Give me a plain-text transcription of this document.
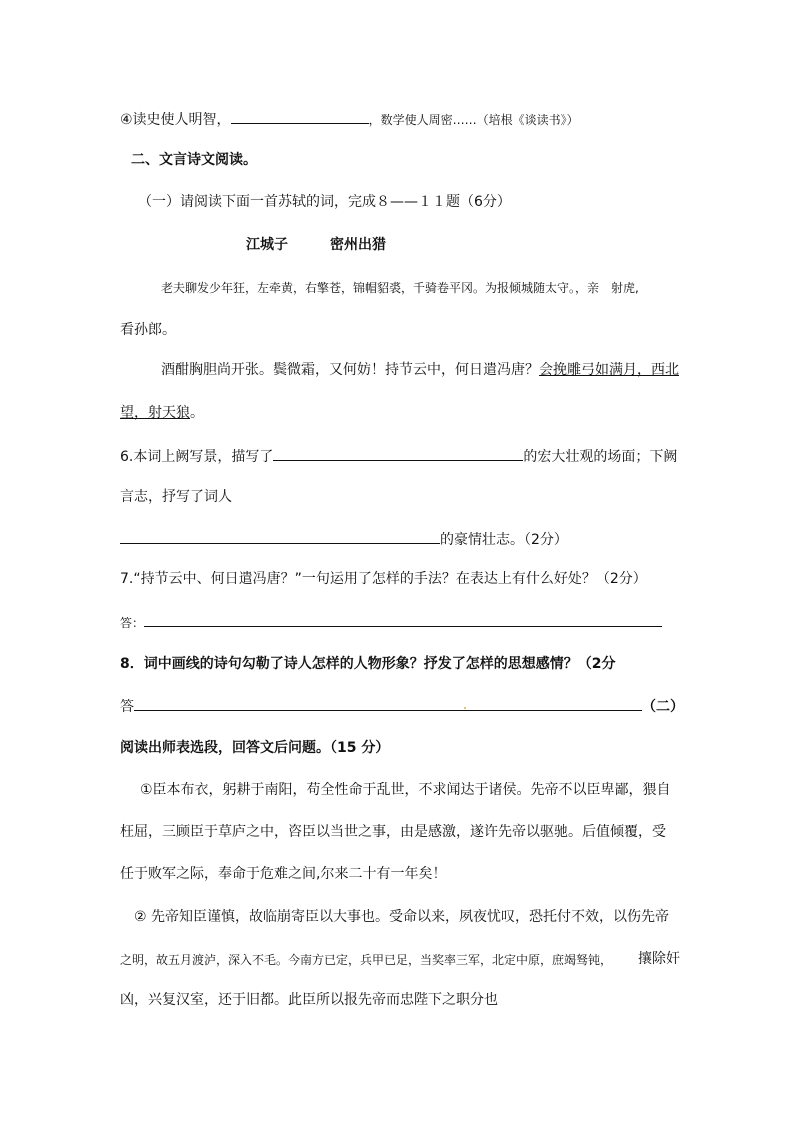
④读史使人明智，	，数学使人周密……（培根《谈读书》）
二、文言诗文阅读。
（一）请阅读下面一首苏轼的词，完成８——１１题（6分）
江城子	密州出猎
老夫聊发少年狂，左牵黄，右擎苍，锦帽貂裘，千骑卷平冈。为报倾城随太守。，亲　射虎,
看孙郎。
酒酣胸胆尚开张。鬓微霜，又何妨！持节云中，何日遣冯唐？会挽雕弓如满月，西北
望，射天狼。
6.本词上阙写景，描写了	的宏大壮观的场面；下阙
言志，抒写了词人
的豪情壮志。（2分）
7.“持节云中、何日遣冯唐？”一句运用了怎样的手法？在表达上有什么好处？（2分）
答：
8．词中画线的诗句勾勒了诗人怎样的人物形象？抒发了怎样的思想感情？（2分
答	（二）
阅读出师表选段，回答文后问题。（15 分）
①臣本布衣，躬耕于南阳，苟全性命于乱世，不求闻达于诸侯。先帝不以臣卑鄙，猥自
枉屈，三顾臣于草庐之中，咨臣以当世之事，由是感激，遂许先帝以驱驰。后值倾覆，受
任于败军之际，奉命于危难之间,尔来二十有一年矣！
② 先帝知臣谨慎，故临崩寄臣以大事也。受命以来，夙夜忧叹，恐托付不效，以伤先帝
之明，故五月渡泸，深入不毛。今南方已定，兵甲已足，当奖率三军，北定中原，庶竭驽钝， 攘除奸
凶，兴复汉室，还于旧都。此臣所以报先帝而忠陛下之职分也
